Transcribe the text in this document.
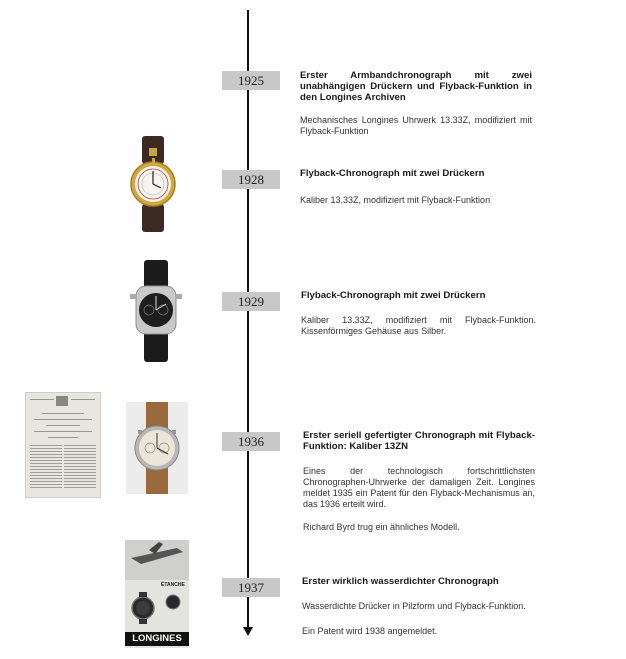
1925	Erster Armbandchronograph mit zwei unabhängigen Drückern und Flyback-Funktion in den Longines Archiven

Mechanisches Longines Uhrwerk 13.33Z, modifiziert mit Flyback-Funktion

1928	Flyback-Chronograph mit zwei Drückern

Kaliber 13.33Z, modifiziert mit Flyback-Funktion

1929	Flyback-Chronograph mit zwei Drückern

Kaliber 13.33Z, modifiziert mit Flyback-Funktion. Kissenförmiges Gehäuse aus Silber.

1936	Erster seriell gefertigter Chronograph mit Flyback-Funktion: Kaliber 13ZN

Eines der technologisch fortschrittlichsten Chronographen-Uhrwerke der damaligen Zeit. Longines meldet 1935 ein Patent für den Flyback-Mechanismus an, das 1936 erteilt wird.

Richard Byrd trug ein ähnliches Modell.

1937	Erster wirklich wasserdichter Chronograph

Wasserdichte Drücker in Pilzform und Flyback-Funktion.

Ein Patent wird 1938 angemeldet.

ÉTANCHE
LONGINES
